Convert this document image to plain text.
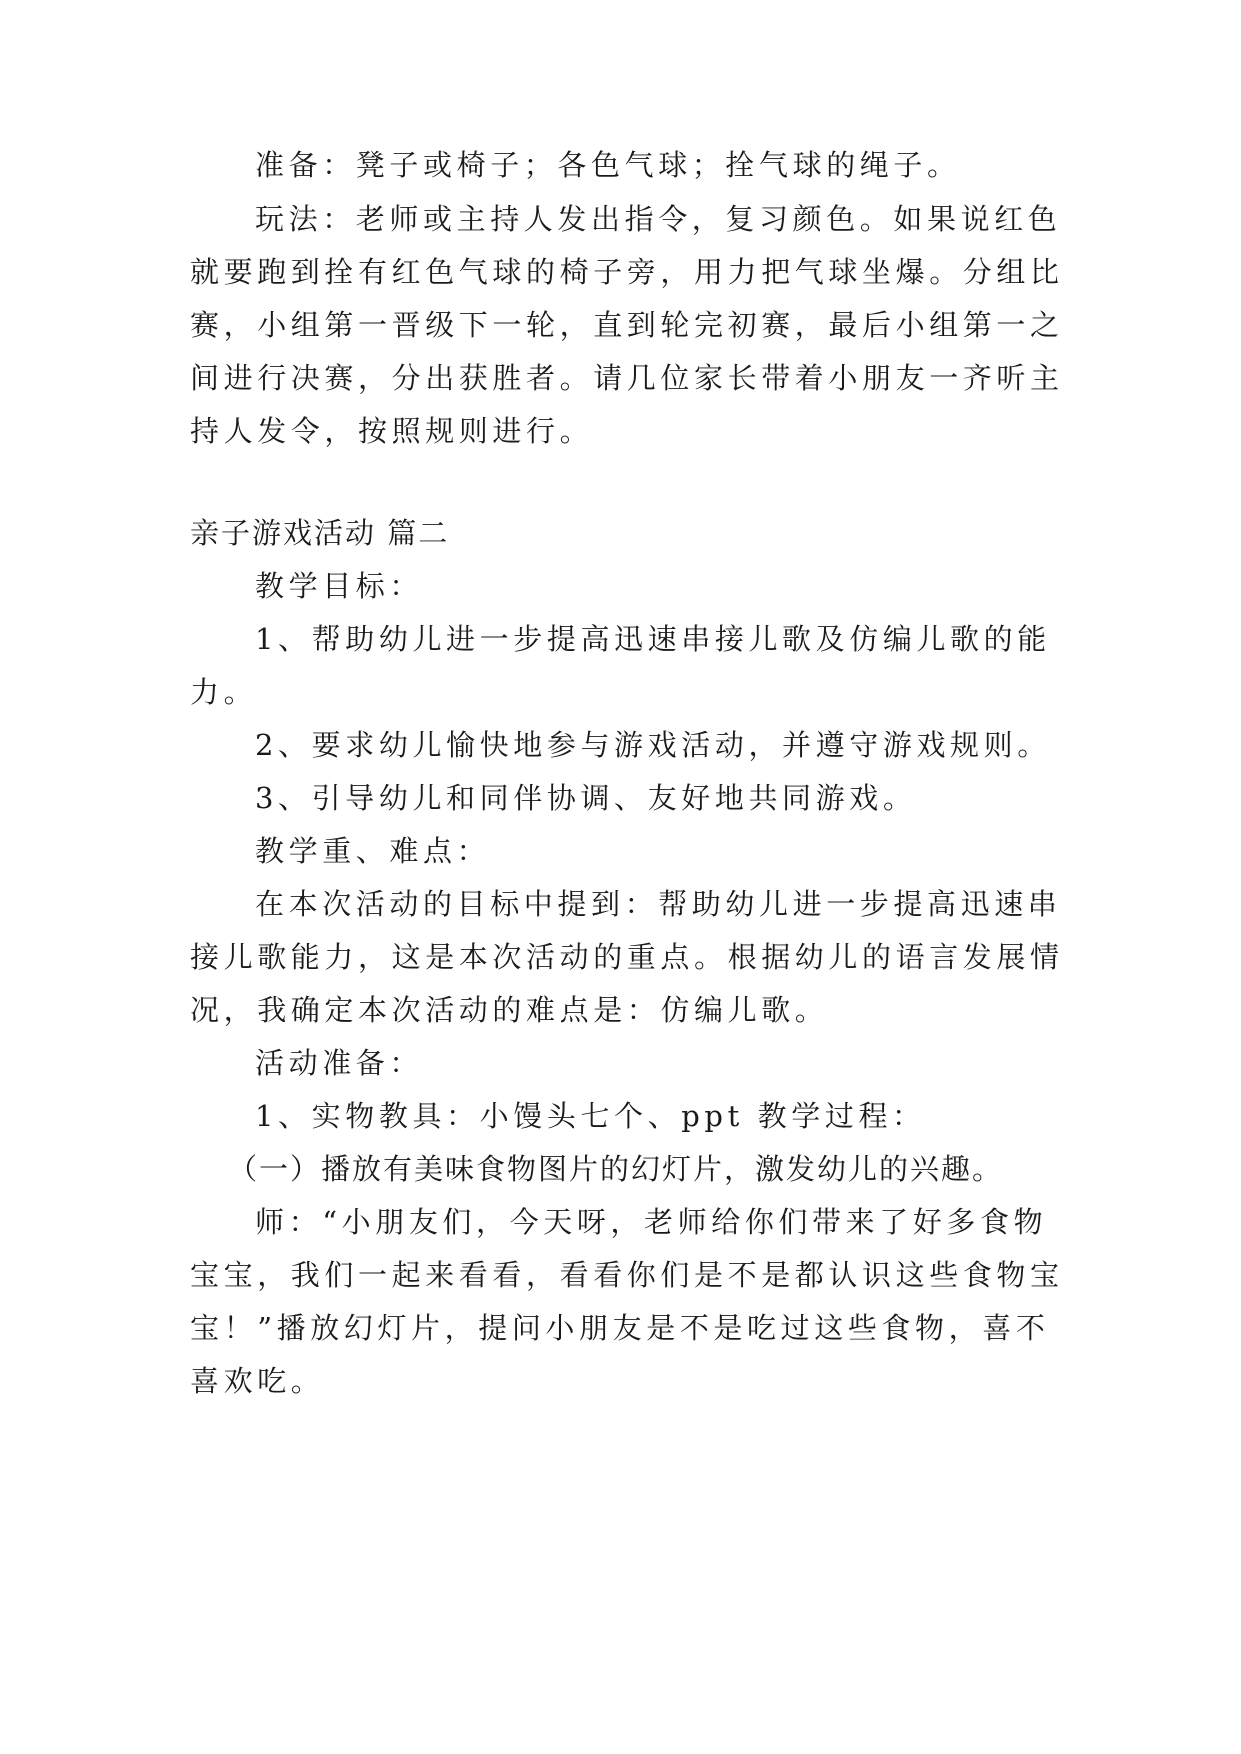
准备：凳子或椅子；各色气球；拴气球的绳子。
玩法：老师或主持人发出指令，复习颜色。如果说红色
就要跑到拴有红色气球的椅子旁，用力把气球坐爆。分组比
赛，小组第一晋级下一轮，直到轮完初赛，最后小组第一之
间进行决赛，分出获胜者。请几位家长带着小朋友一齐听主
持人发令，按照规则进行。
亲子游戏活动 篇二
教学目标：
1、帮助幼儿进一步提高迅速串接儿歌及仿编儿歌的能
力。
2、要求幼儿愉快地参与游戏活动，并遵守游戏规则。
3、引导幼儿和同伴协调、友好地共同游戏。
教学重、难点：
在本次活动的目标中提到：帮助幼儿进一步提高迅速串
接儿歌能力，这是本次活动的重点。根据幼儿的语言发展情
况，我确定本次活动的难点是：仿编儿歌。
活动准备：
1、实物教具：小馒头七个、ppt 教学过程：
（一）播放有美味食物图片的幻灯片，激发幼儿的兴趣。
师：“小朋友们，今天呀，老师给你们带来了好多食物
宝宝，我们一起来看看，看看你们是不是都认识这些食物宝
宝！”播放幻灯片，提问小朋友是不是吃过这些食物，喜不
喜欢吃。
